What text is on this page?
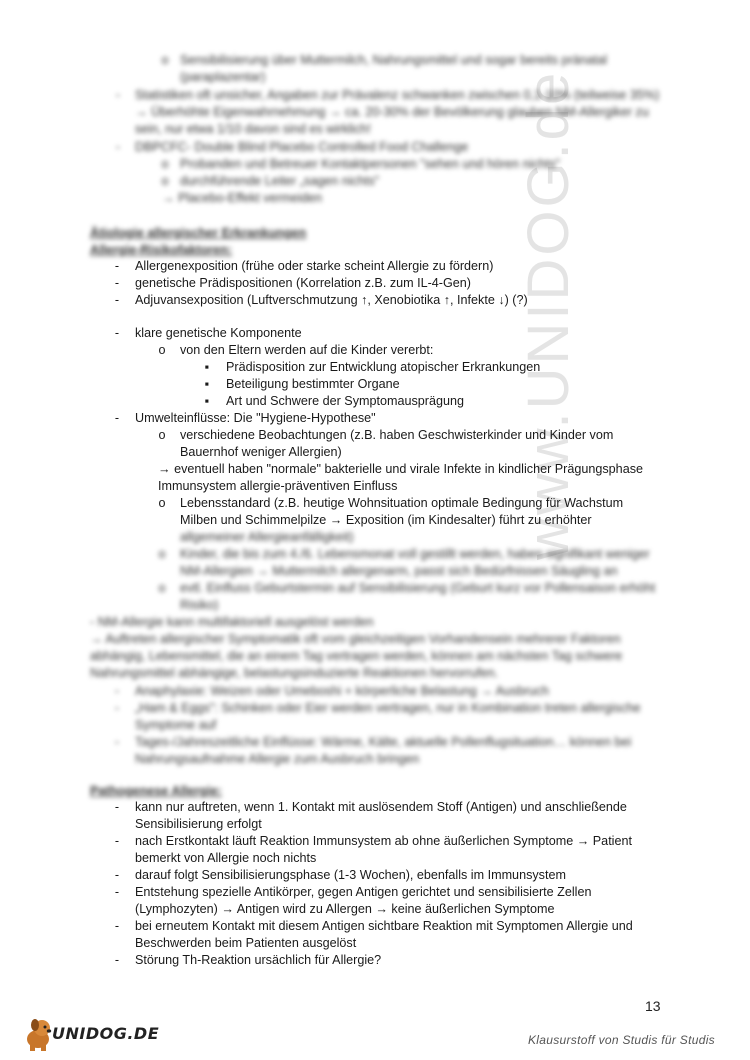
www.UNIDOG.de
o Sensibilisierung über Muttermilch, Nahrungsmittel und sogar bereits pränatal
(paraplazentar)
- Statistiken oft unsicher, Angaben zur Prävalenz schwanken zwischen 0,1-10% (teilweise 35%)
→ Überhöhte Eigenwahrnehmung → ca. 20-30% der Bevölkerung glauben NM-Allergiker zu
sein, nur etwa 1/10 davon sind es wirklich!
- DBPCFC- Double Blind Placebo Controlled Food Challenge
o Probanden und Betreuer Kontaktpersonen "sehen und hören nichts"
o durchführende Leiter „sagen nichts"
→ Placebo-Effekt vermeiden
Ätiologie allergischer Erkrankungen
Allergie-Risikofaktoren:
- Allergenexposition (frühe oder starke scheint Allergie zu fördern)
- genetische Prädispositionen (Korrelation z.B. zum IL-4-Gen)
- Adjuvansexposition (Luftverschmutzung ↑, Xenobiotika ↑, Infekte ↓) (?)
- klare genetische Komponente
o von den Eltern werden auf die Kinder vererbt:
▪ Prädisposition zur Entwicklung atopischer Erkrankungen
▪ Beteiligung bestimmter Organe
▪ Art und Schwere der Symptomausprägung
- Umwelteinflüsse: Die "Hygiene-Hypothese"
o verschiedene Beobachtungen (z.B. haben Geschwisterkinder und Kinder vom
Bauernhof weniger Allergien)
→ eventuell haben "normale" bakterielle und virale Infekte in kindlicher Prägungsphase
Immunsystem allergie-präventiven Einfluss
o Lebensstandard (z.B. heutige Wohnsituation optimale Bedingung für Wachstum
Milben und Schimmelpilze → Exposition (im Kindesalter) führt zu erhöhter
allgemeiner Allergieanfälligkeit)
o Kinder, die bis zum 4./6. Lebensmonat voll gestillt werden, haben signifikant weniger
NM-Allergien → Muttermilch allergenarm, passt sich Bedürfnissen Säugling an
o evtl. Einfluss Geburtstermin auf Sensibilisierung (Geburt kurz vor Pollensaison erhöht
Risiko)
- NM-Allergie kann multifaktoriell ausgelöst werden
→ Auftreten allergischer Symptomatik oft vom gleichzeitigen Vorhandensein mehrerer Faktoren
abhängig, Lebensmittel, die an einem Tag vertragen werden, können am nächsten Tag schwere
Nahrungsmittel abhängige, belastungsinduzierte Reaktionen hervorrufen.
- Anaphylaxie: Weizen oder Umeboshi + körperliche Belastung → Ausbruch
- „Ham & Eggs": Schinken oder Eier werden vertragen, nur in Kombination treten allergische
Symptome auf
- Tages-/Jahreszeitliche Einflüsse: Wärme, Kälte, aktuelle Pollenflugsituation… können bei
Nahrungsaufnahme Allergie zum Ausbruch bringen
Pathogenese Allergie:
- kann nur auftreten, wenn 1. Kontakt mit auslösendem Stoff (Antigen) und anschließende
Sensibilisierung erfolgt
- nach Erstkontakt läuft Reaktion Immunsystem ab ohne äußerlichen Symptome → Patient
bemerkt von Allergie noch nichts
- darauf folgt Sensibilisierungsphase (1-3 Wochen), ebenfalls im Immunsystem
- Entstehung spezielle Antikörper, gegen Antigen gerichtet und sensibilisierte Zellen
(Lymphozyten) → Antigen wird zu Allergen → keine äußerlichen Symptome
- bei erneutem Kontakt mit diesem Antigen sichtbare Reaktion mit Symptomen Allergie und
Beschwerden beim Patienten ausgelöst
- Störung Th-Reaktion ursächlich für Allergie?
13
UNIDOG.DE	Klausurstoff von Studis für Studis
